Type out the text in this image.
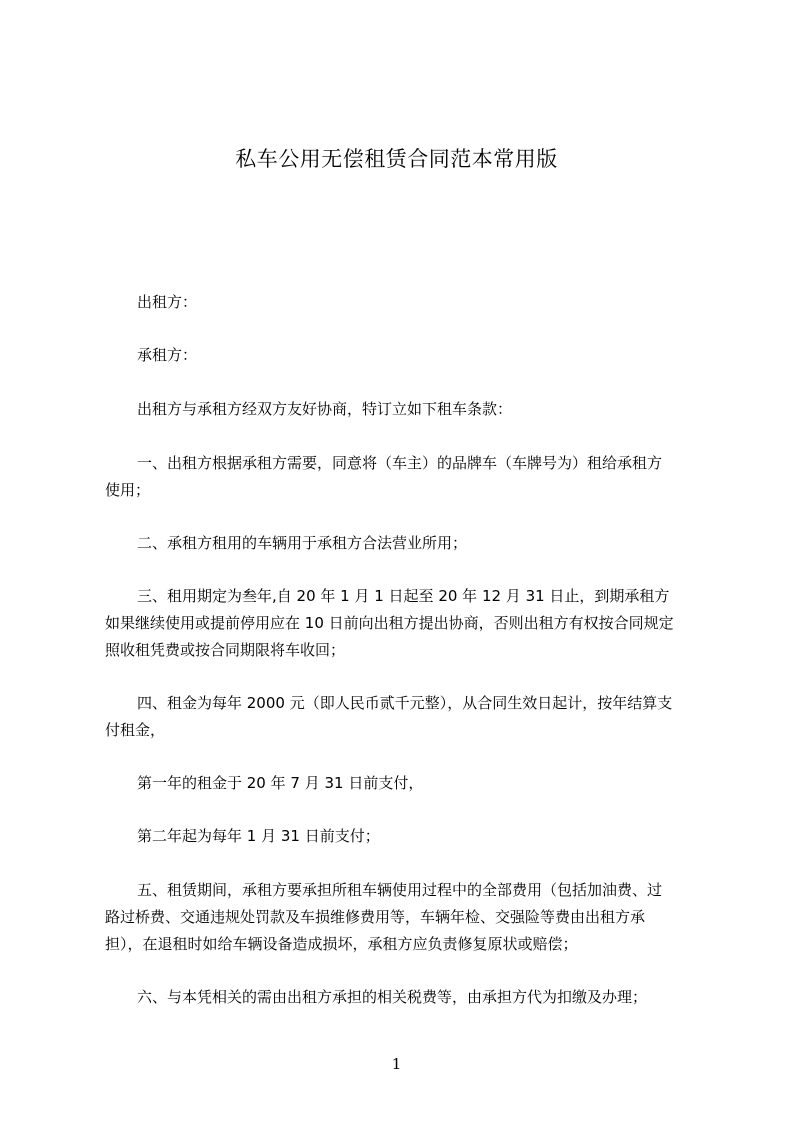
私车公用无偿租赁合同范本常用版
出租方：
承租方：
出租方与承租方经双方友好协商，特订立如下租车条款：
一、出租方根据承租方需要，同意将（车主）的品牌车（车牌号为）租给承租方
使用；
二、承租方租用的车辆用于承租方合法营业所用；
三、租用期定为叁年,自 20 年 1 月 1 日起至 20 年 12 月 31 日止，到期承租方
如果继续使用或提前停用应在 10 日前向出租方提出协商，否则出租方有权按合同规定
照收租凭费或按合同期限将车收回；
四、租金为每年 2000 元（即人民币贰千元整），从合同生效日起计，按年结算支
付租金，
第一年的租金于 20 年 7 月 31 日前支付，
第二年起为每年 1 月 31 日前支付；
五、租赁期间，承租方要承担所租车辆使用过程中的全部费用（包括加油费、过
路过桥费、交通违规处罚款及车损维修费用等，车辆年检、交强险等费由出租方承
担），在退租时如给车辆设备造成损坏，承租方应负责修复原状或赔偿；
六、与本凭相关的需由出租方承担的相关税费等，由承担方代为扣缴及办理；
1
